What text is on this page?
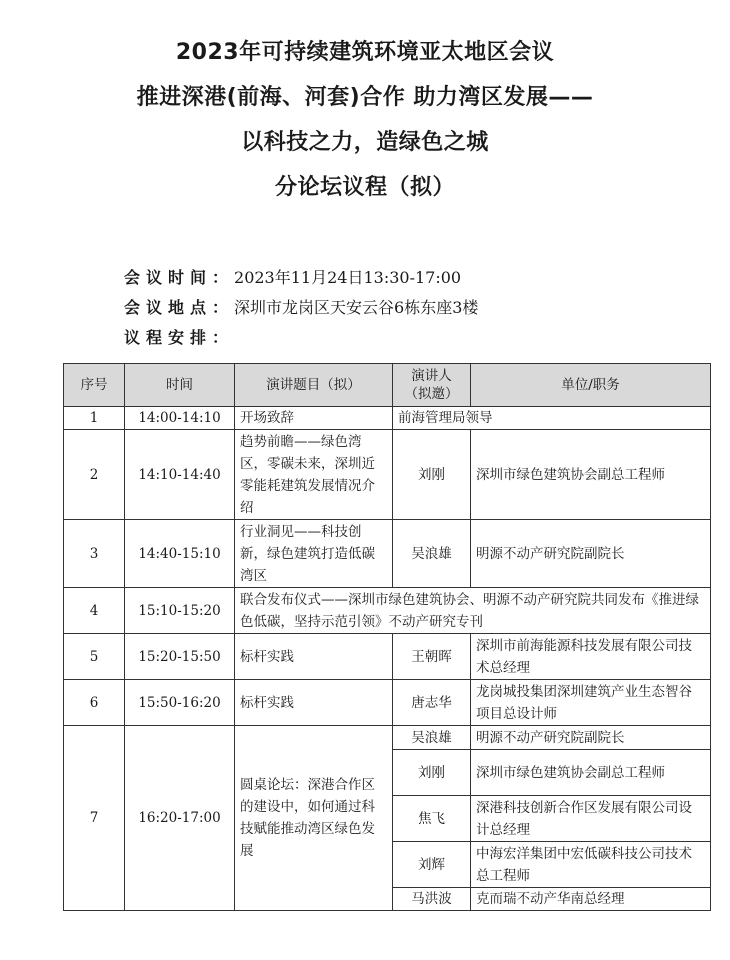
2023年可持续建筑环境亚太地区会议
推进深港(前海、河套)合作 助力湾区发展——
以科技之力，造绿色之城
分论坛议程（拟）
会议时间：2023年11月24日13:30-17:00
会议地点：深圳市龙岗区天安云谷6栋东座3楼
议程安排：
序号	时间	演讲题目（拟）	演讲人（拟邀）	单位/职务
1	14:00-14:10	开场致辞	前海管理局领导	
2	14:10-14:40	趋势前瞻——绿色湾区，零碳未来，深圳近零能耗建筑发展情况介绍	刘刚	深圳市绿色建筑协会副总工程师
3	14:40-15:10	行业洞见——科技创新，绿色建筑打造低碳湾区	吴浪雄	明源不动产研究院副院长
4	15:10-15:20	联合发布仪式——深圳市绿色建筑协会、明源不动产研究院共同发布《推进绿色低碳，坚持示范引领》不动产研究专刊		
5	15:20-15:50	标杆实践	王朝晖	深圳市前海能源科技发展有限公司技术总经理
6	15:50-16:20	标杆实践	唐志华	龙岗城投集团深圳建筑产业生态智谷项目总设计师
7	16:20-17:00	圆桌论坛：深港合作区的建设中，如何通过科技赋能推动湾区绿色发展	吴浪雄	明源不动产研究院副院长
			刘刚	深圳市绿色建筑协会副总工程师
			焦飞	深港科技创新合作区发展有限公司设计总经理
			刘辉	中海宏洋集团中宏低碳科技公司技术总工程师
			马洪波	克而瑞不动产华南总经理
